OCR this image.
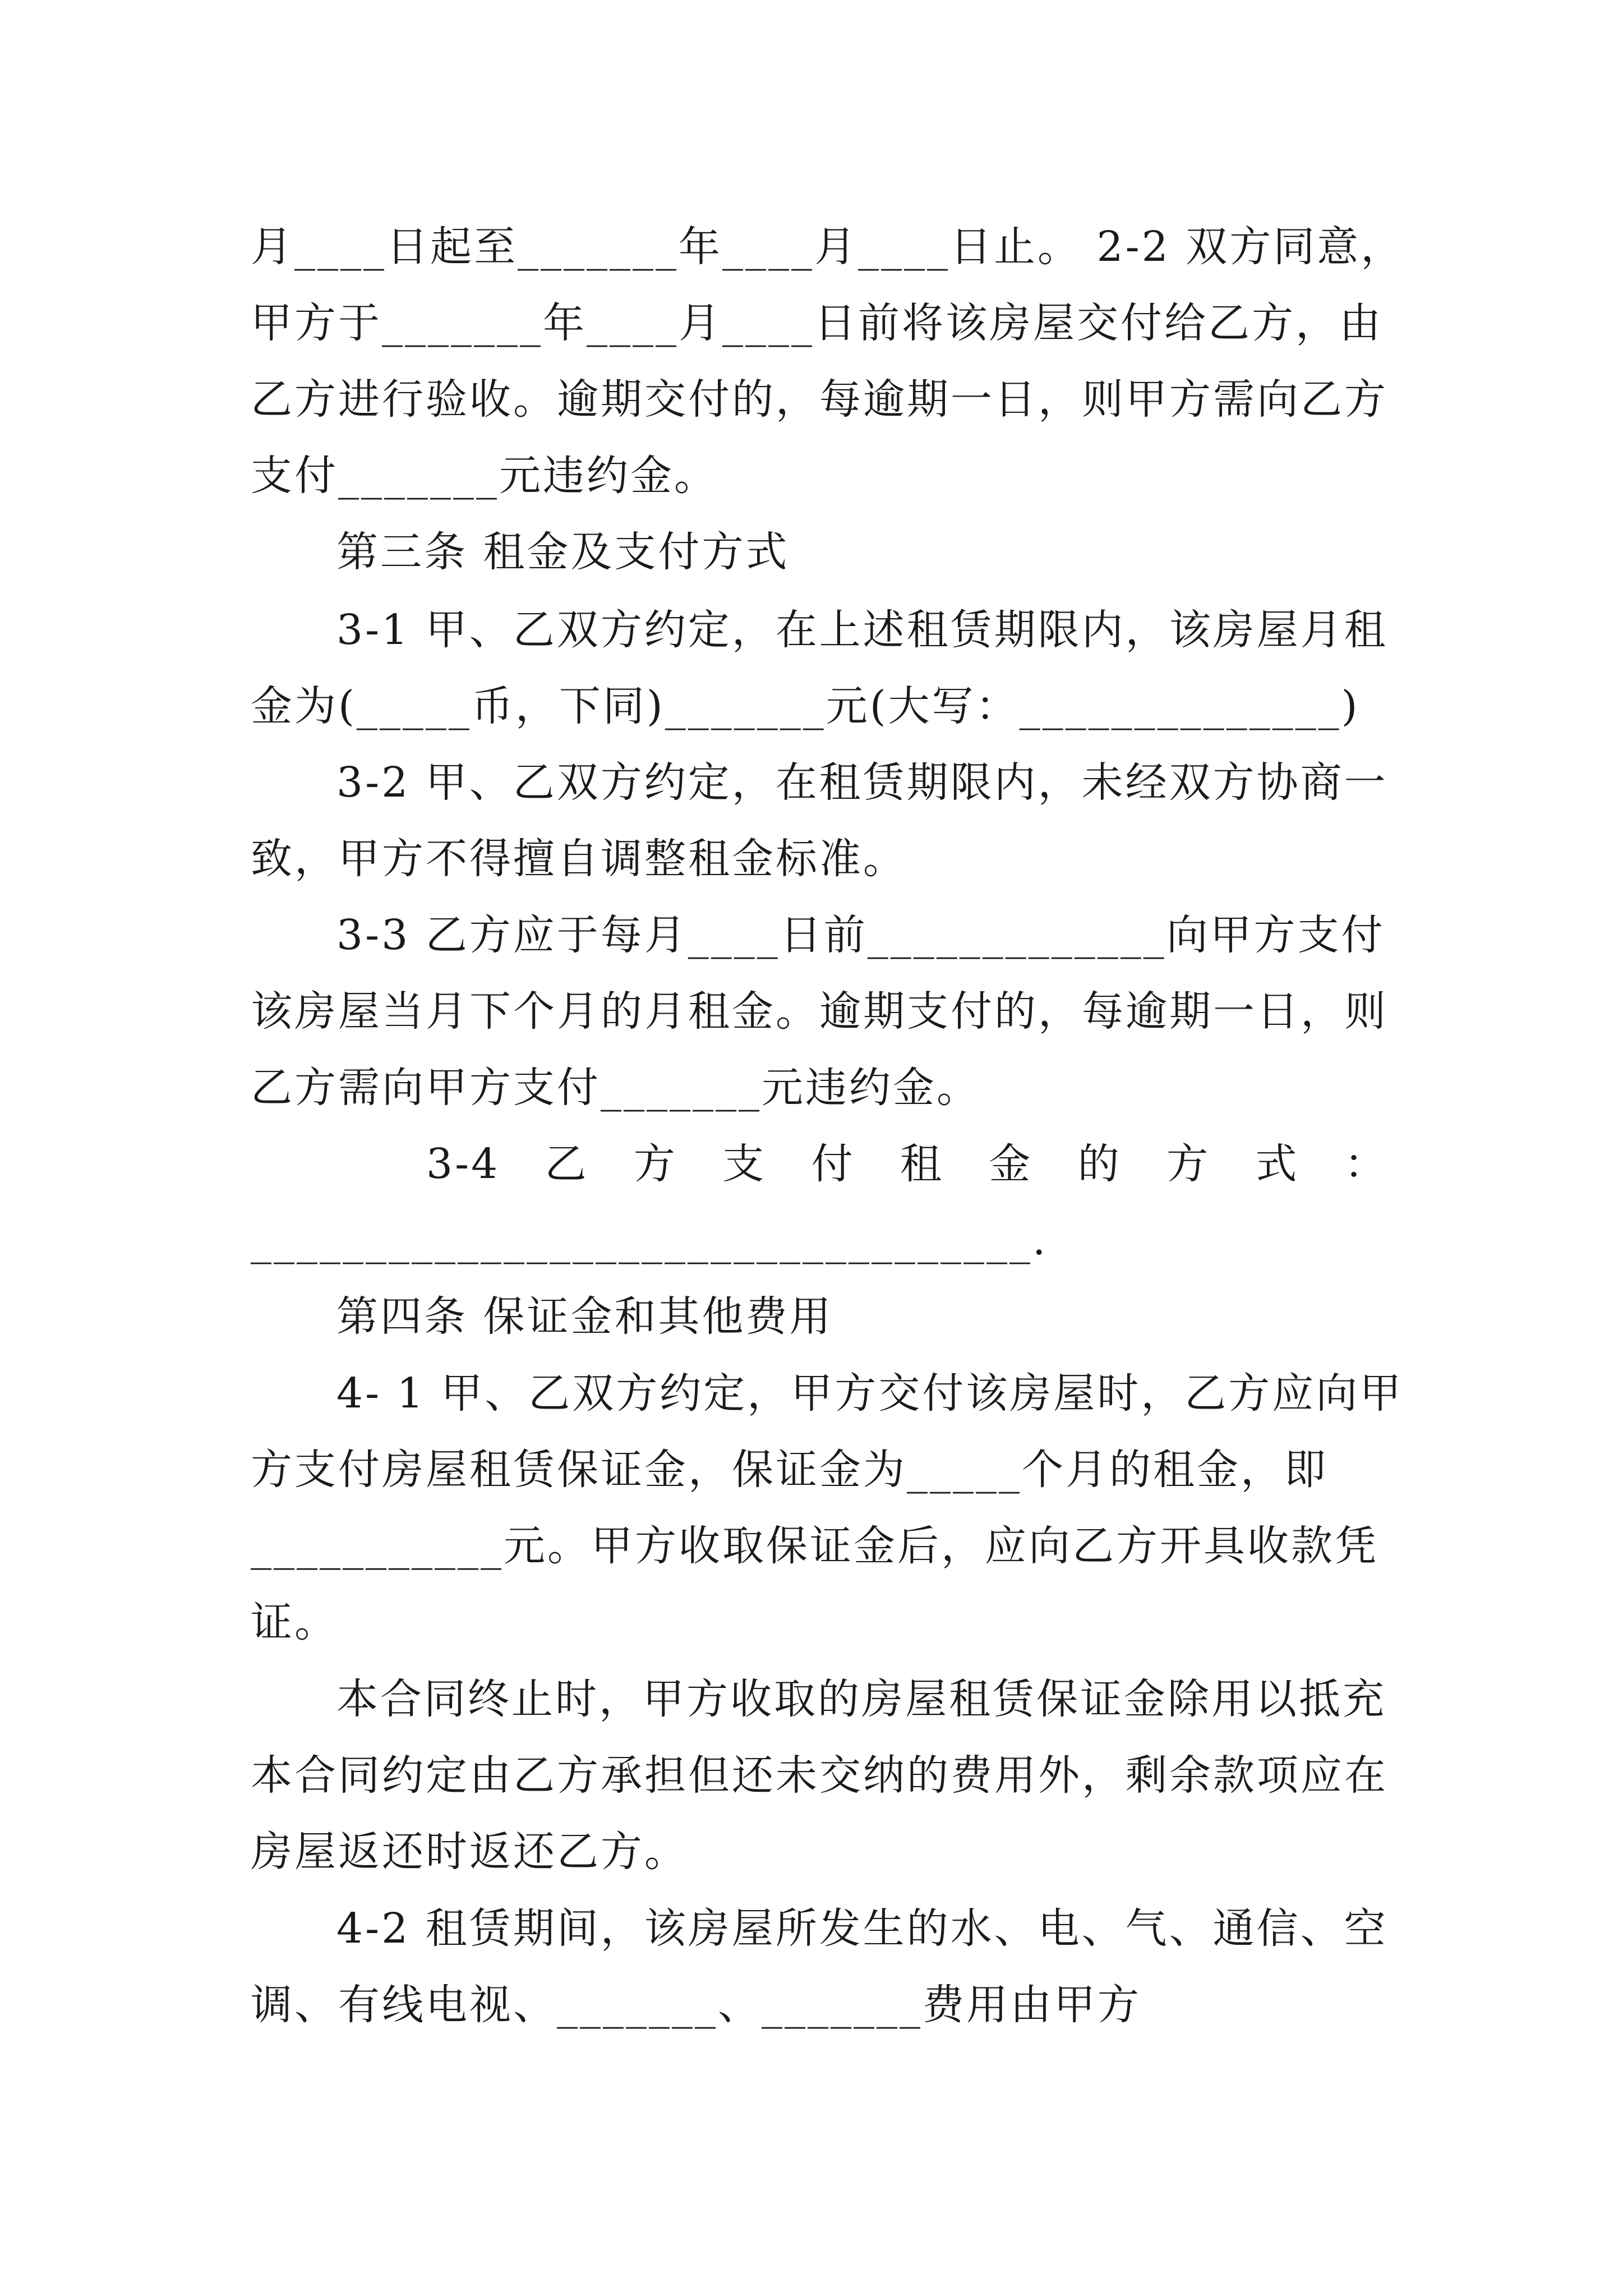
月____日起至_______年____月____日止。 2-2 双方同意，
甲方于_______年____月____日前将该房屋交付给乙方，由
乙方进行验收。逾期交付的，每逾期一日，则甲方需向乙方
支付_______元违约金。
第三条 租金及支付方式
3-1 甲、乙双方约定，在上述租赁期限内，该房屋月租
金为(_____币，下同)_______元(大写：______________)
3-2 甲、乙双方约定，在租赁期限内，未经双方协商一
致，甲方不得擅自调整租金标准。
3-3 乙方应于每月____日前_____________向甲方支付
该房屋当月下个月的月租金。逾期支付的，每逾期一日，则
乙方需向甲方支付_______元违约金。
3-4 乙 方 支 付 租 金 的 方 式 ：
__________________________________.
第四条 保证金和其他费用
4- 1 甲、乙双方约定，甲方交付该房屋时，乙方应向甲
方支付房屋租赁保证金，保证金为_____个月的租金，即
___________元。甲方收取保证金后，应向乙方开具收款凭
证。
本合同终止时，甲方收取的房屋租赁保证金除用以抵充
本合同约定由乙方承担但还未交纳的费用外，剩余款项应在
房屋返还时返还乙方。
4-2 租赁期间，该房屋所发生的水、电、气、通信、空
调、有线电视、_______、_______费用由甲方
